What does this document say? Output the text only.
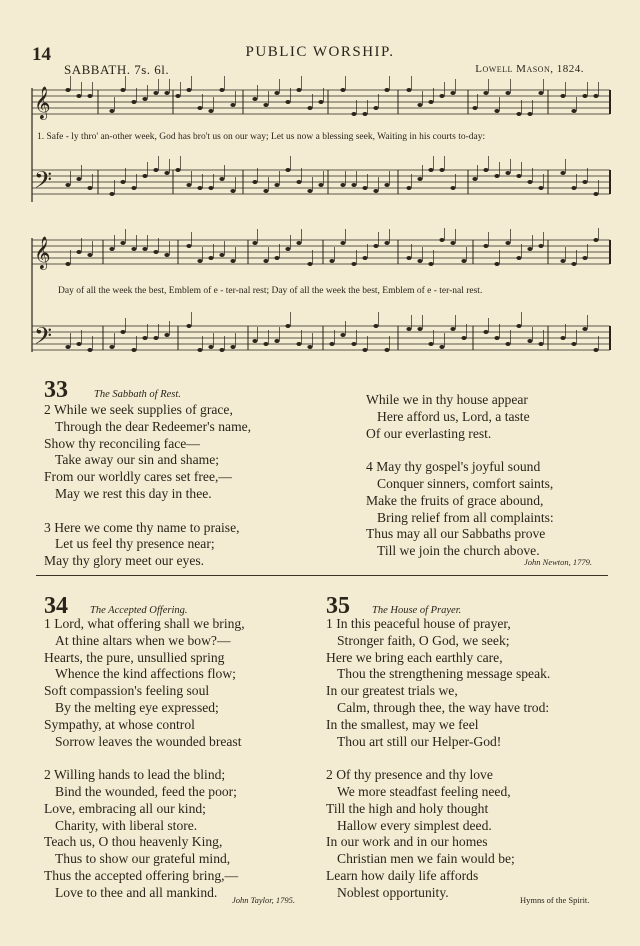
14	PUBLIC WORSHIP.
SABBATH. 7s. 6l.	Lowell Mason, 1824.
𝄞
𝄢
1. Safe - ly thro' an-other week, God has bro't us on our way; Let us now a blessing seek, Waiting in his courts to-day:
𝄞
𝄢
Day of all the week the best, Emblem of e - ter-nal rest; Day of all the week the best, Emblem of e - ter-nal rest.
33 The Sabbath of Rest.
2 While we seek supplies of grace,
Through the dear Redeemer's name,
Show thy reconciling face—
Take away our sin and shame;
From our worldly cares set free,—
May we rest this day in thee.

3 Here we come thy name to praise,
Let us feel thy presence near;
May thy glory meet our eyes.
While we in thy house appear
Here afford us, Lord, a taste
Of our everlasting rest.

4 May thy gospel's joyful sound
Conquer sinners, comfort saints,
Make the fruits of grace abound,
Bring relief from all complaints:
Thus may all our Sabbaths prove
Till we join the church above.
John Newton, 1779.
34 The Accepted Offering.
1 Lord, what offering shall we bring,
At thine altars when we bow?—
Hearts, the pure, unsullied spring
Whence the kind affections flow;
Soft compassion's feeling soul
By the melting eye expressed;
Sympathy, at whose control
Sorrow leaves the wounded breast

2 Willing hands to lead the blind;
Bind the wounded, feed the poor;
Love, embracing all our kind;
Charity, with liberal store.
Teach us, O thou heavenly King,
Thus to show our grateful mind,
Thus the accepted offering bring,—
Love to thee and all mankind.
John Taylor, 1795.
35 The House of Prayer.
1 In this peaceful house of prayer,
Stronger faith, O God, we seek;
Here we bring each earthly care,
Thou the strengthening message speak.
In our greatest trials we,
Calm, through thee, the way have trod:
In the smallest, may we feel
Thou art still our Helper-God!

2 Of thy presence and thy love
We more steadfast feeling need,
Till the high and holy thought
Hallow every simplest deed.
In our work and in our homes
Christian men we fain would be;
Learn how daily life affords
Noblest opportunity.
Hymns of the Spirit.
